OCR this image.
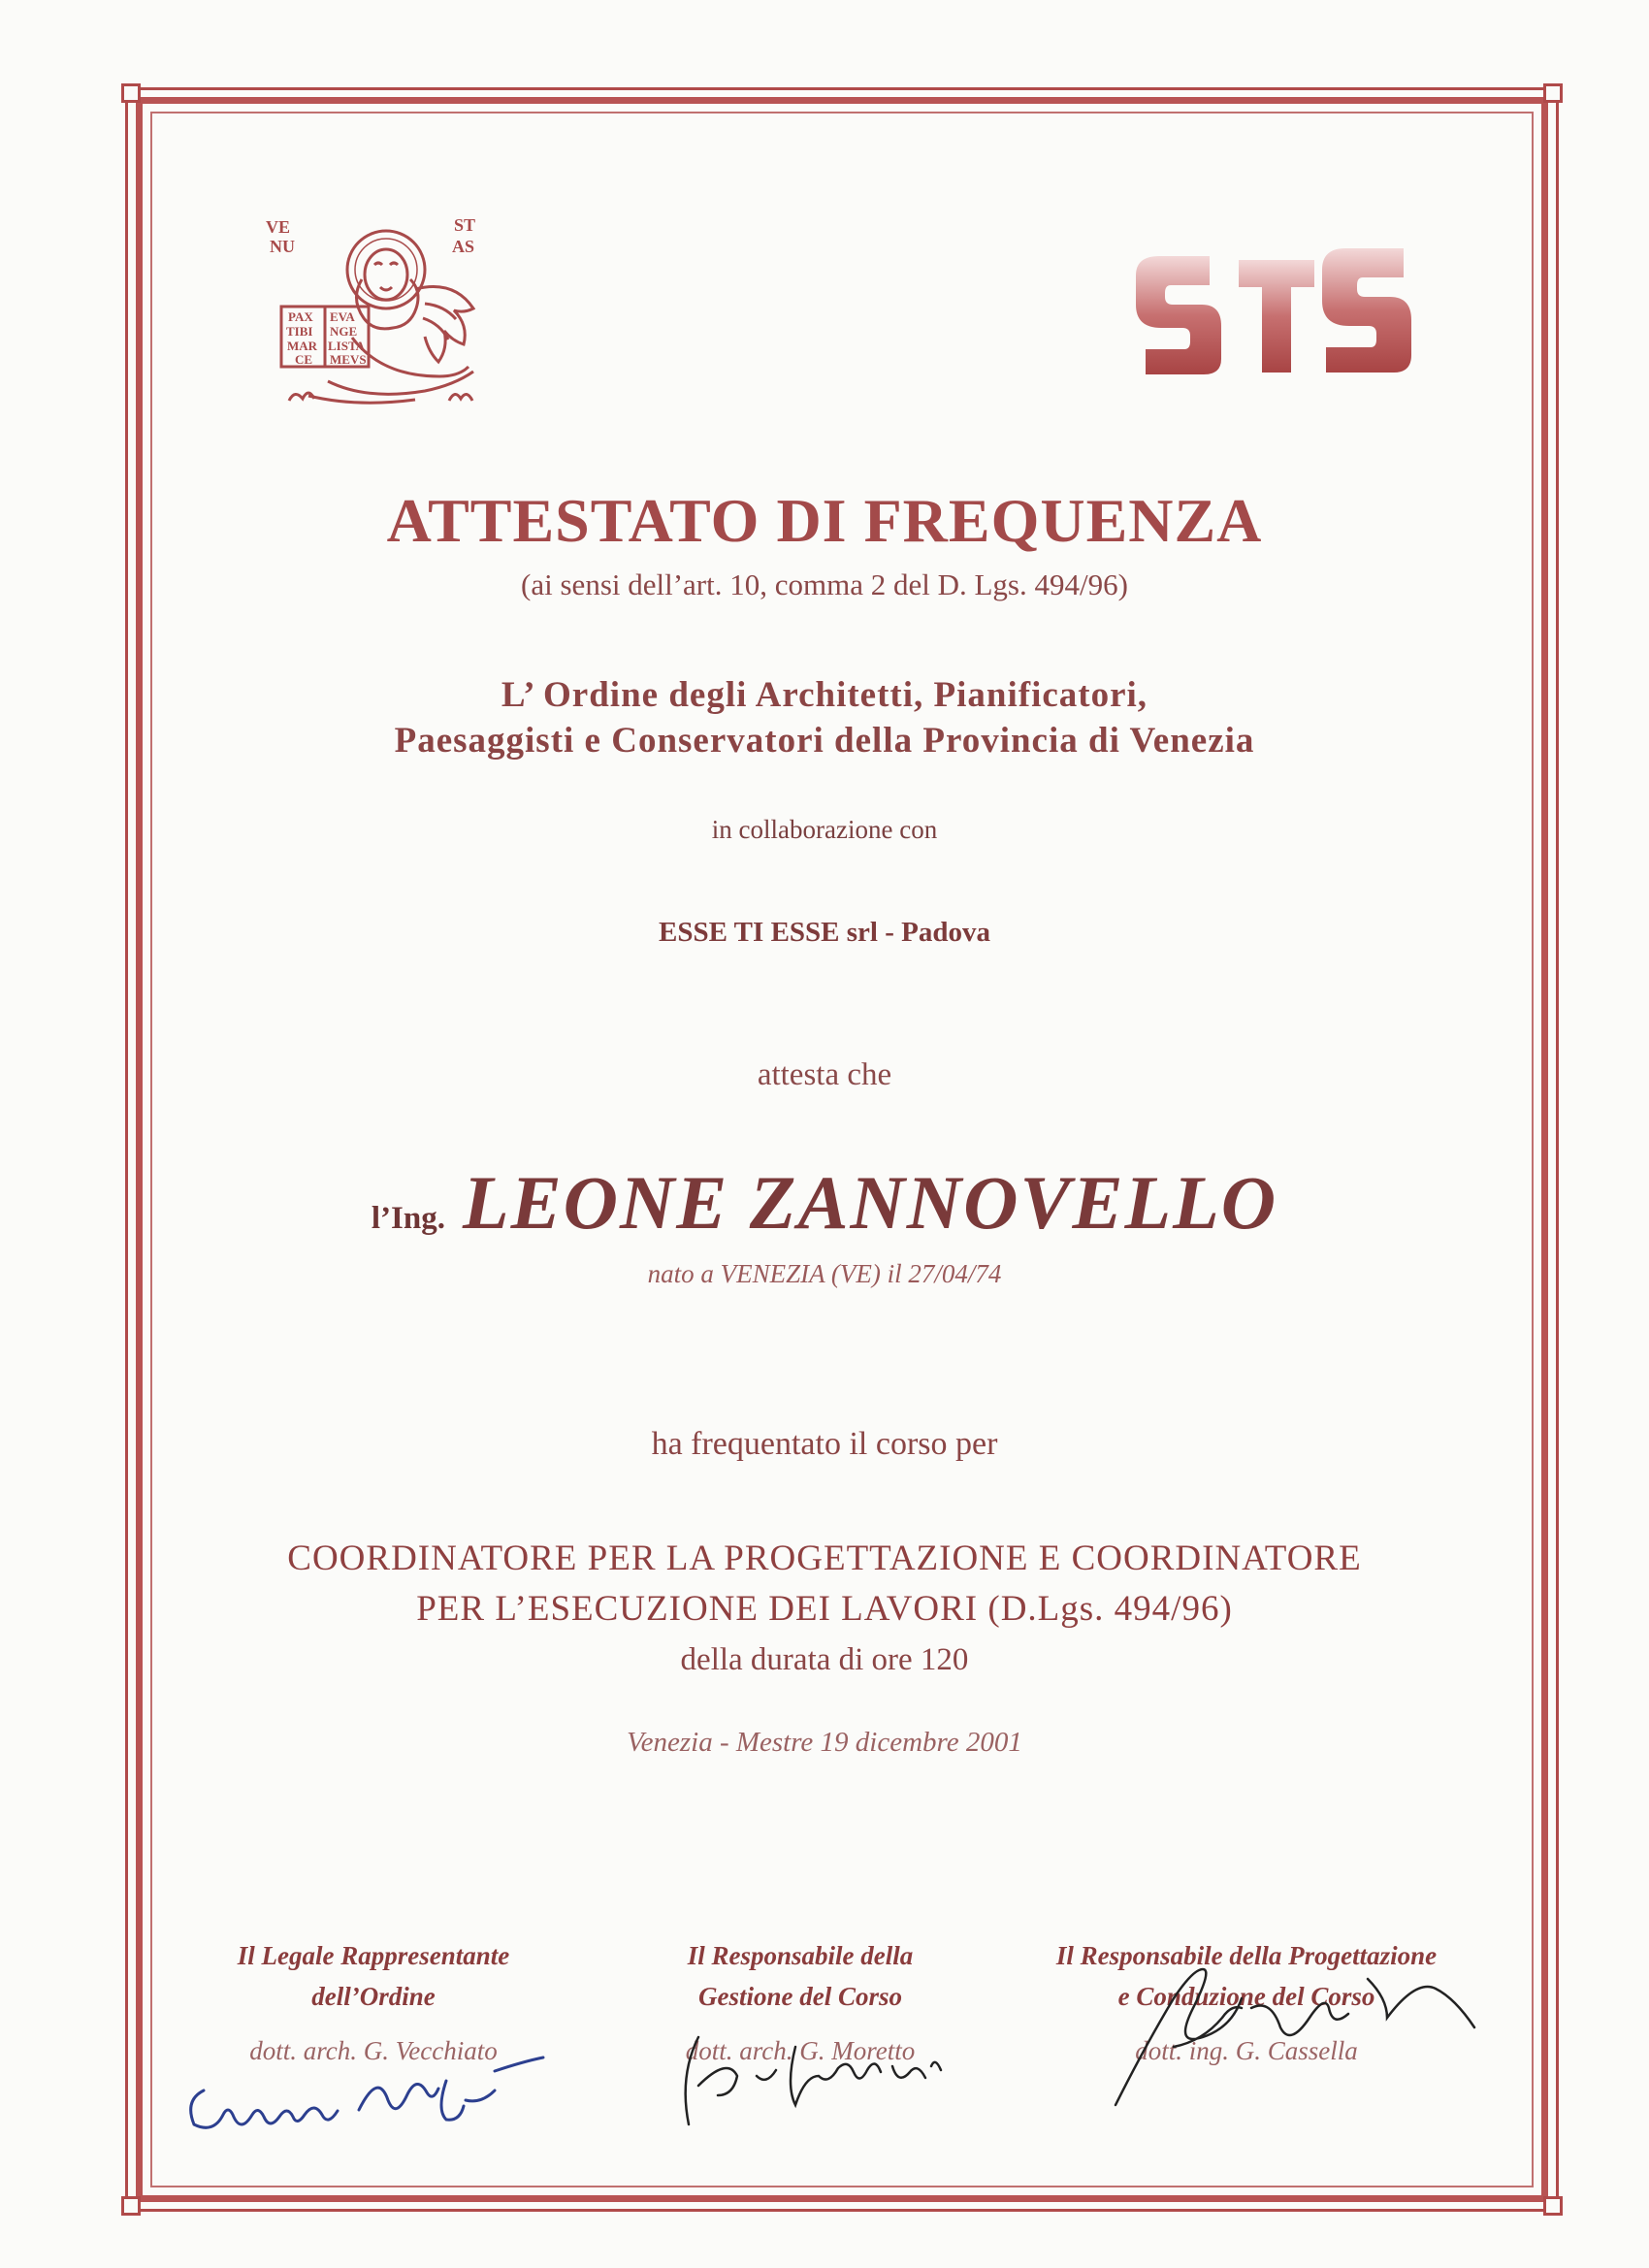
PAX
TIBI
MAR
CE
EVA
NGE
LISTA
MEVS
VE
NU
ST
AS
ATTESTATO DI FREQUENZA
(ai sensi dell’art. 10, comma 2 del D. Lgs. 494/96)
L’ Ordine degli Architetti, Pianificatori,
Paesaggisti e Conservatori della Provincia di Venezia
in collaborazione con
ESSE TI ESSE srl - Padova
attesta che
l’Ing. LEONE ZANNOVELLO
nato a VENEZIA (VE) il 27/04/74
ha frequentato il corso per
COORDINATORE PER LA PROGETTAZIONE E COORDINATORE
PER L’ESECUZIONE DEI LAVORI (D.Lgs. 494/96)
della durata di ore 120
Venezia - Mestre 19 dicembre 2001
Il Legale Rappresentante
dell’Ordine
dott. arch. G. Vecchiato
Il Responsabile della
Gestione del Corso
dott. arch. G. Moretto
Il Responsabile della Progettazione
e Conduzione del Corso
dott. ing. G. Cassella
